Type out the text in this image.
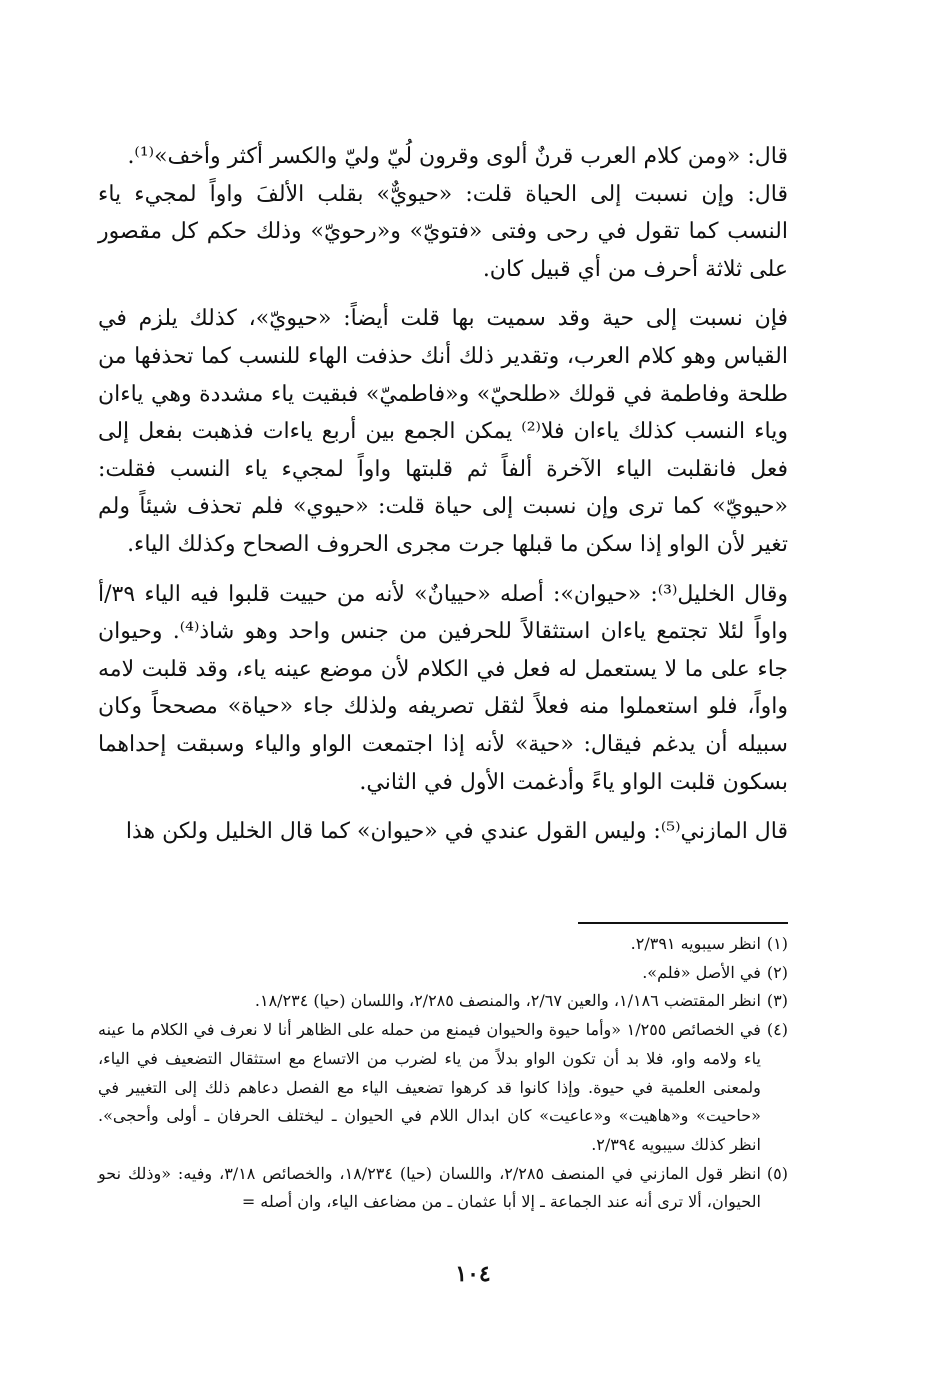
قال: «ومن كلام العرب قرنٌ ألوى وقرون لُيّ وليّ والكسر أكثر وأخف»⁽¹⁾.
قال: وإن نسبت إلى الحياة قلت: «حيويٌّ» بقلب الألفَ واواً لمجيء ياء النسب كما تقول في رحى وفتى «فتويّ» و«رحويّ» وذلك حكم كل مقصور على ثلاثة أحرف من أي قبيل كان.

فإن نسبت إلى حية وقد سميت بها قلت أيضاً: «حيويّ»، كذلك يلزم في القياس وهو كلام العرب، وتقدير ذلك أنك حذفت الهاء للنسب كما تحذفها من طلحة وفاطمة في قولك «طلحيّ» و«فاطميّ» فبقيت ياء مشددة وهي ياءان وياء النسب كذلك ياءان فلا⁽²⁾ يمكن الجمع بين أربع ياءات فذهبت بفعل إلى فعل فانقلبت الياء الآخرة ألفاً ثم قلبتها واواً لمجيء ياء النسب فقلت: «حيويّ» كما ترى وإن نسبت إلى حياة قلت: «حيوي» فلم تحذف شيئاً ولم تغير لأن الواو إذا سكن ما قبلها جرت مجرى الحروف الصحاح وكذلك الياء.

وقال الخليل⁽³⁾: «حيوان»: أصله «حييانٌ» لأنه من حييت قلبوا فيه الياء ٣٩/أ واواً لئلا تجتمع ياءان استثقالاً للحرفين من جنس واحد وهو شاذ⁽⁴⁾. وحيوان جاء على ما لا يستعمل له فعل في الكلام لأن موضع عينه ياء، وقد قلبت لامه واواً، فلو استعملوا منه فعلاً لثقل تصريفه ولذلك جاء «حياة» مصححاً وكان سبيله أن يدغم فيقال: «حية» لأنه إذا اجتمعت الواو والياء وسبقت إحداهما بسكون قلبت الواو ياءً وأدغمت الأول في الثاني.

قال المازني⁽⁵⁾: وليس القول عندي في «حيوان» كما قال الخليل ولكن هذا

(١)
انظر سيبويه ٢/٣٩١.

(٢)
في الأصل «فلم».

(٣)
انظر المقتضب ١/١٨٦، والعين ٢/٦٧، والمنصف ٢/٢٨٥، واللسان (حيا) ١٨/٢٣٤.

(٤)
في الخصائص ١/٢٥٥ «وأما حيوة والحيوان فيمنع من حمله على الظاهر أنا لا نعرف في الكلام ما عينه ياء ولامه واو، فلا بد أن تكون الواو بدلاً من ياء لضرب من الاتساع مع استثقال التضعيف في الياء، ولمعنى العلمية في حيوة. وإذا كانوا قد كرهوا تضعيف الياء مع الفصل دعاهم ذلك إلى التغيير في «حاحيت» و«هاهيت» و«عاعيت» كان ابدال اللام في الحيوان ـ ليختلف الحرفان ـ أولى وأحجى». انظر كذلك سيبويه ٢/٣٩٤.

(٥)
انظر قول المازني في المنصف ٢/٢٨٥، واللسان (حيا) ١٨/٢٣٤، والخصائص ٣/١٨، وفيه: «وذلك نحو الحيوان، ألا ترى أنه عند الجماعة ـ إلا أبا عثمان ـ من مضاعف الياء، وان أصله =

١٠٤
